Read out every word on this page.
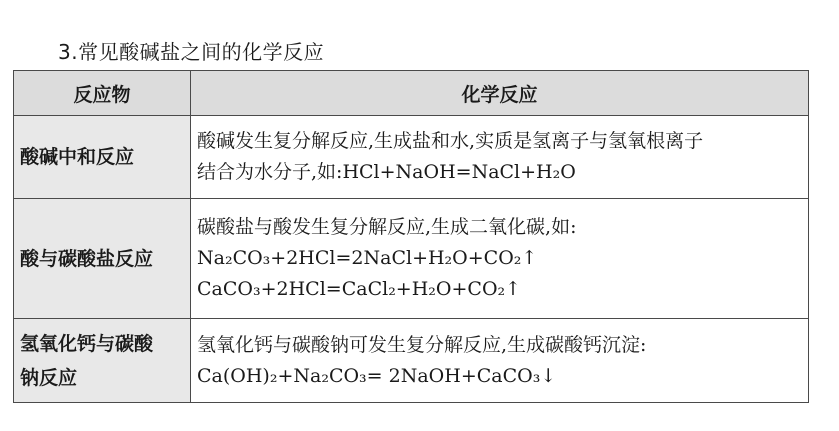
3.常见酸碱盐之间的化学反应
反应物	化学反应
酸碱中和反应	酸碱发生复分解反应,生成盐和水,实质是氢离子与氢氧根离子
结合为水分子,如:HCl+NaOH=NaCl+H₂O

酸与碳酸盐反应	碳酸盐与酸发生复分解反应,生成二氧化碳,如:
Na₂CO₃+2HCl=2NaCl+H₂O+CO₂↑
CaCO₃+2HCl=CaCl₂+H₂O+CO₂↑

氢氧化钙与碳酸
钠反应	氢氧化钙与碳酸钠可发生复分解反应,生成碳酸钙沉淀:
Ca(OH)₂+Na₂CO₃= 2NaOH+CaCO₃↓
